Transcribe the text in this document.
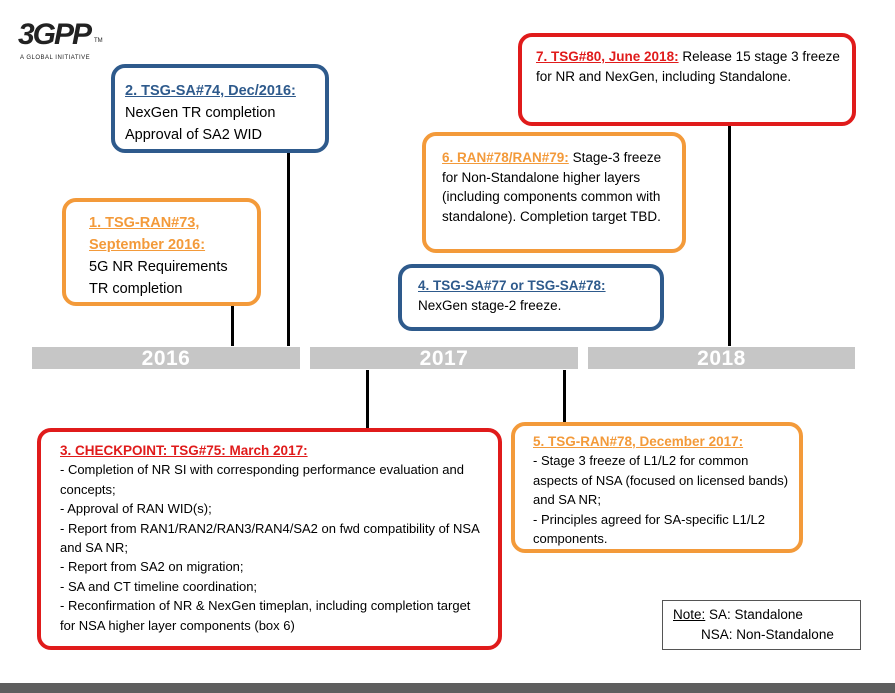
3GPP TM
A GLOBAL INITIATIVE
2016	2017	2018
1. TSG-RAN#73,
September 2016:
5G NR Requirements
TR completion
2. TSG-SA#74, Dec/2016:
NexGen TR completion
Approval of SA2 WID
3. CHECKPOINT: TSG#75: March 2017:
- Completion of NR SI with corresponding performance evaluation and concepts;
- Approval of RAN WID(s);
- Report from RAN1/RAN2/RAN3/RAN4/SA2 on fwd compatibility of NSA and SA NR;
- Report from SA2 on migration;
- SA and CT timeline coordination;
- Reconfirmation of NR & NexGen timeplan, including completion target for NSA higher layer components (box 6)
4. TSG-SA#77 or TSG-SA#78:
NexGen stage-2 freeze.
5. TSG-RAN#78, December 2017:
- Stage 3 freeze of L1/L2 for common aspects of NSA (focused on licensed bands) and SA NR;
- Principles agreed for SA-specific L1/L2 components.
6. RAN#78/RAN#79: Stage-3 freeze for Non-Standalone higher layers (including components common with standalone). Completion target TBD.
7. TSG#80, June 2018: Release 15 stage 3 freeze for NR and NexGen, including Standalone.
Note: SA: Standalone
NSA: Non-Standalone
